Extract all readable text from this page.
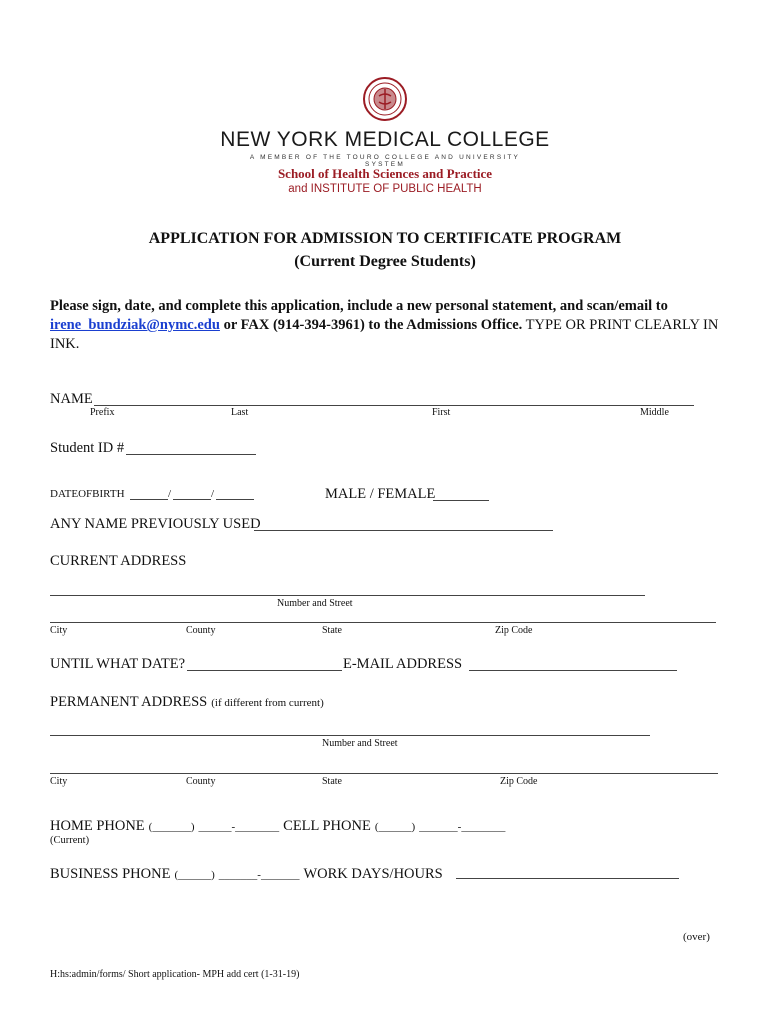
NEW YORK MEDICAL COLLEGE
A MEMBER OF THE TOURO COLLEGE AND UNIVERSITY SYSTEM
School of Health Sciences and Practice
and INSTITUTE OF PUBLIC HEALTH
APPLICATION FOR ADMISSION TO CERTIFICATE PROGRAM
(Current Degree Students)
Please sign, date, and complete this application, include a new personal statement, and scan/email to
irene_bundziak@nymc.edu or FAX (914-394-3961) to the Admissions Office. TYPE OR PRINT CLEARLY IN INK.
NAME
Prefix	Last	First	Middle
Student ID #
DATEOFBIRTH	/	/	MALE / FEMALE
ANY NAME PREVIOUSLY USED
CURRENT ADDRESS
Number and Street
City	County	State	Zip Code
UNTIL WHAT DATE?	E-MAIL ADDRESS
PERMANENT ADDRESS (if different from current)
Number and Street
City	County	State	Zip Code
HOME PHONE (_______) ______-________ CELL PHONE (______) _______-________
(Current)
BUSINESS PHONE (______) _______-_______ WORK DAYS/HOURS
(over)
H:hs:admin/forms/ Short application- MPH add cert (1-31-19)
